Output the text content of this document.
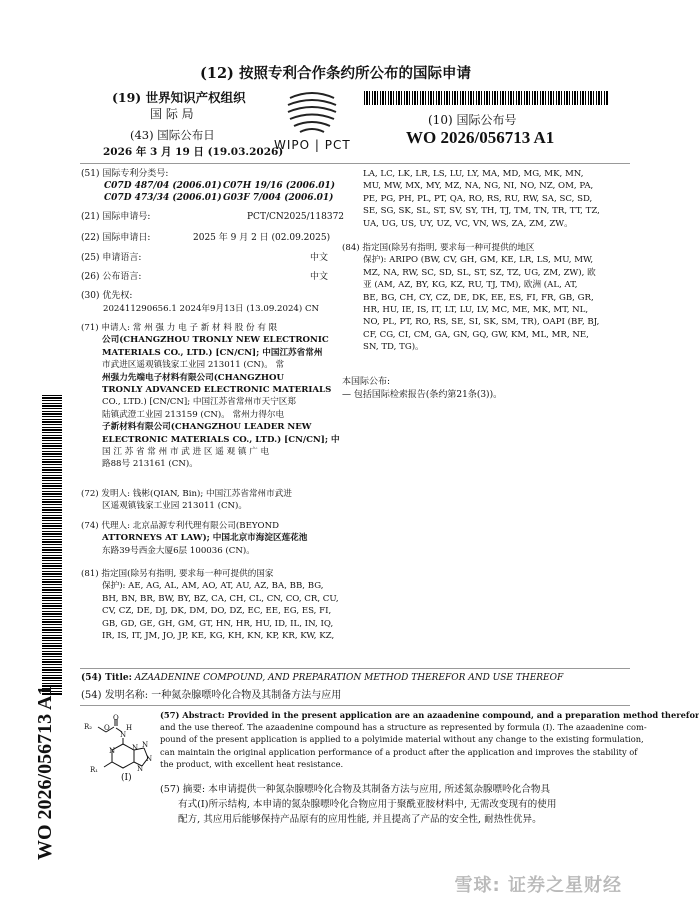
(12) 按照专利合作条约所公布的国际申请
(19) 世界知识产权组织
国 际 局
(43) 国际公布日
2026 年 3 月 19 日 (19.03.2026)
WIPO | PCT
(10) 国际公布号
WO 2026/056713 A1
(51) 国际专利分类号:
C07D 487/04 (2006.01) C07H 19/16 (2006.01)
C07D 473/34 (2006.01) G03F 7/004 (2006.01)
(21) 国际申请号:	PCT/CN2025/118372
(22) 国际申请日:	2025 年 9 月 2 日 (02.09.2025)
(25) 申请语言:	中文
(26) 公布语言:	中文
(30) 优先权:
202411290656.1 2024年9月13日 (13.09.2024) CN
(71) 申请人: 常 州 强 力 电 子 新 材 料 股 份 有 限
公司(CHANGZHOU TRONLY NEW ELECTRONIC
MATERIALS CO., LTD.) [CN/CN]; 中国江苏省常州
市武进区遥观镇钱家工业园 213011 (CN)。 常
州强力先端电子材料有限公司(CHANGZHOU
TRONLY ADVANCED ELECTRONIC MATERIALS
CO., LTD.) [CN/CN]; 中国江苏省常州市天宁区郑
陆镇武澄工业园 213159 (CN)。 常州力得尔电
子新材料有限公司(CHANGZHOU LEADER NEW
ELECTRONIC MATERIALS CO., LTD.) [CN/CN]; 中
国 江 苏 省 常 州 市 武 进 区 遥 观 镇 广 电
路88号 213161 (CN)。
(72) 发明人: 钱彬(QIAN, Bin); 中国江苏省常州市武进
区遥观镇钱家工业园 213011 (CN)。
(74) 代理人: 北京品源专利代理有限公司(BEYOND
ATTORNEYS AT LAW); 中国北京市海淀区莲花池
东路39号西金大厦6层 100036 (CN)。
(81) 指定国(除另有指明, 要求每一种可提供的国家
保护): AE, AG, AL, AM, AO, AT, AU, AZ, BA, BB, BG,
BH, BN, BR, BW, BY, BZ, CA, CH, CL, CN, CO, CR, CU,
CV, CZ, DE, DJ, DK, DM, DO, DZ, EC, EE, EG, ES, FI,
GB, GD, GE, GH, GM, GT, HN, HR, HU, ID, IL, IN, IQ,
IR, IS, IT, JM, JO, JP, KE, KG, KH, KN, KP, KR, KW, KZ,
LA, LC, LK, LR, LS, LU, LY, MA, MD, MG, MK, MN,
MU, MW, MX, MY, MZ, NA, NG, NI, NO, NZ, OM, PA,
PE, PG, PH, PL, PT, QA, RO, RS, RU, RW, SA, SC, SD,
SE, SG, SK, SL, ST, SV, SY, TH, TJ, TM, TN, TR, TT, TZ,
UA, UG, US, UY, UZ, VC, VN, WS, ZA, ZM, ZW。
(84) 指定国(除另有指明, 要求每一种可提供的地区
保护): ARIPO (BW, CV, GH, GM, KE, LR, LS, MU, MW,
MZ, NA, RW, SC, SD, SL, ST, SZ, TZ, UG, ZM, ZW), 欧
亚 (AM, AZ, BY, KG, KZ, RU, TJ, TM), 欧洲 (AL, AT,
BE, BG, CH, CY, CZ, DE, DK, EE, ES, FI, FR, GB, GR,
HR, HU, IE, IS, IT, LT, LU, LV, MC, ME, MK, MT, NL,
NO, PL, PT, RO, RS, SE, SI, SK, SM, TR), OAPI (BF, BJ,
CF, CG, CI, CM, GA, GN, GQ, GW, KM, ML, MR, NE,
SN, TD, TG)。
本国际公布:
— 包括国际检索报告(条约第21条(3))。
(54) Title: AZAADENINE COMPOUND, AND PREPARATION METHOD THEREFOR AND USE THEREOF
(54) 发明名称: 一种氮杂腺嘌呤化合物及其制备方法与应用
R₂ O
O
N
H
N N
N
N
N
R₁
(I)
(57) Abstract: Provided in the present application are an azaadenine compound, and a preparation method therefor
and the use thereof. The azaadenine compound has a structure as represented by formula (I). The azaadenine com-
pound of the present application is applied to a polyimide material without any change to the existing formulation,
can maintain the original application performance of a product after the application and improves the stability of
the product, with excellent heat resistance.
(57) 摘要: 本申请提供一种氮杂腺嘌呤化合物及其制备方法与应用, 所述氮杂腺嘌呤化合物具
有式(I)所示结构, 本申请的氮杂腺嘌呤化合物应用于聚酰亚胺材料中, 无需改变现有的使用
配方, 其应用后能够保持产品原有的应用性能, 并且提高了产品的安全性, 耐热性优异。
WO 2026/056713 A1
雪球: 证券之星财经
